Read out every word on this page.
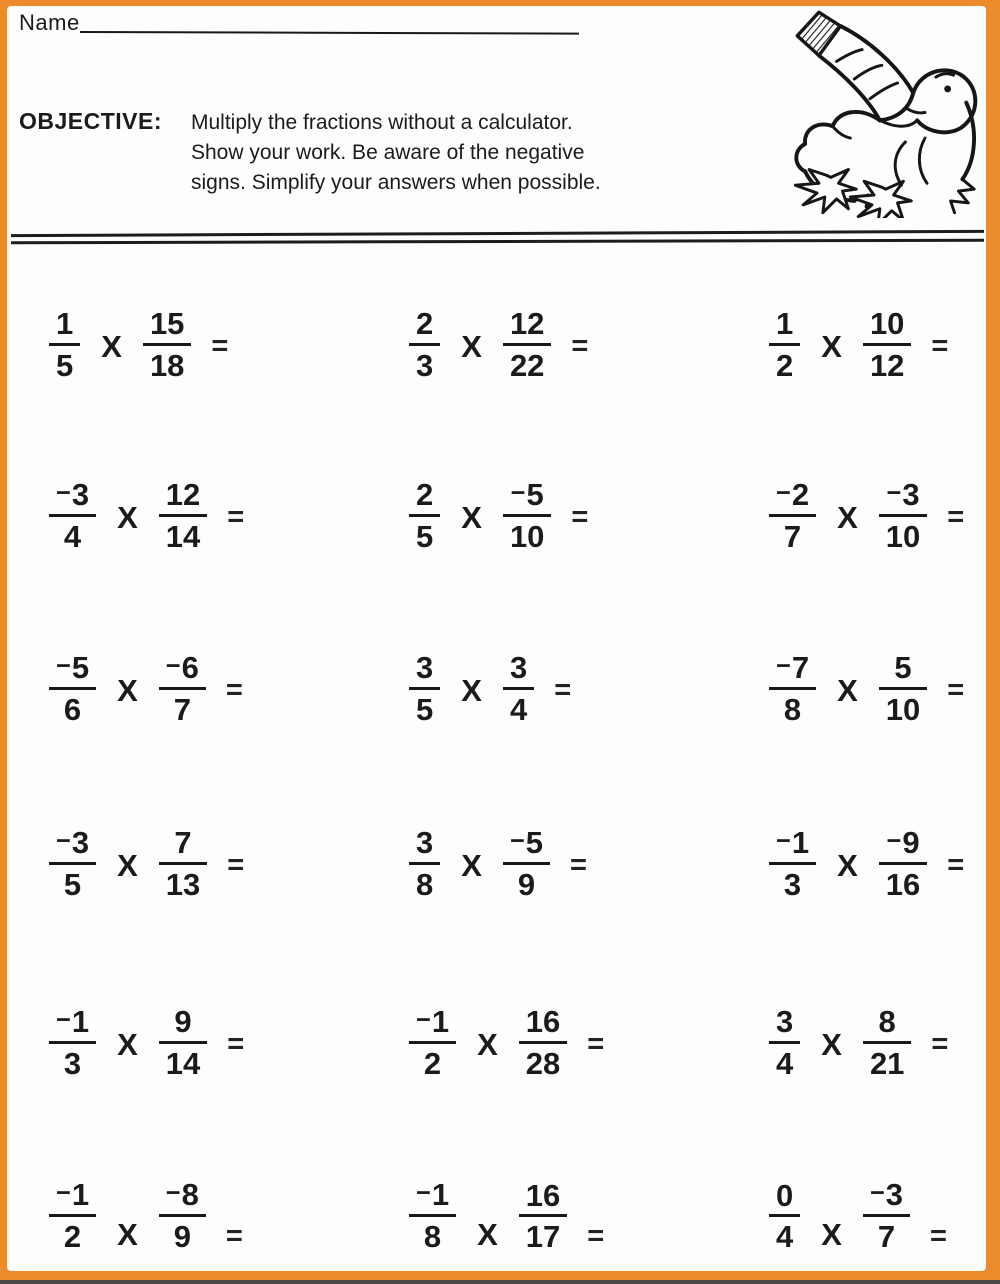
Name
OBJECTIVE:	Multiply the fractions without a calculator.
Show your work. Be aware of the negative
signs. Simplify your answers when possible.
$\frac{1}{5}$ X $\frac{15}{18}$ =	$\frac{2}{3}$ X $\frac{12}{22}$ =	$\frac{1}{2}$ X $\frac{10}{12}$ =
$\frac{-3}{4}$ X $\frac{12}{14}$ =	$\frac{2}{5}$ X $\frac{-5}{10}$ =	$\frac{-2}{7}$ X $\frac{-3}{10}$ =
$\frac{-5}{6}$ X $\frac{-6}{7}$ =	$\frac{3}{5}$ X $\frac{3}{4}$ =	$\frac{-7}{8}$ X $\frac{5}{10}$ =
$\frac{-3}{5}$ X $\frac{7}{13}$ =	$\frac{3}{8}$ X $\frac{-5}{9}$ =	$\frac{-1}{3}$ X $\frac{-9}{16}$ =
$\frac{-1}{3}$ X $\frac{9}{14}$ =	$\frac{-1}{2}$ X $\frac{16}{28}$ =	$\frac{3}{4}$ X $\frac{8}{21}$ =
$\frac{-1}{2}$ X $\frac{-8}{9}$ =	$\frac{-1}{8}$ X $\frac{16}{17}$ =	$\frac{0}{4}$ X $\frac{-3}{7}$ =
